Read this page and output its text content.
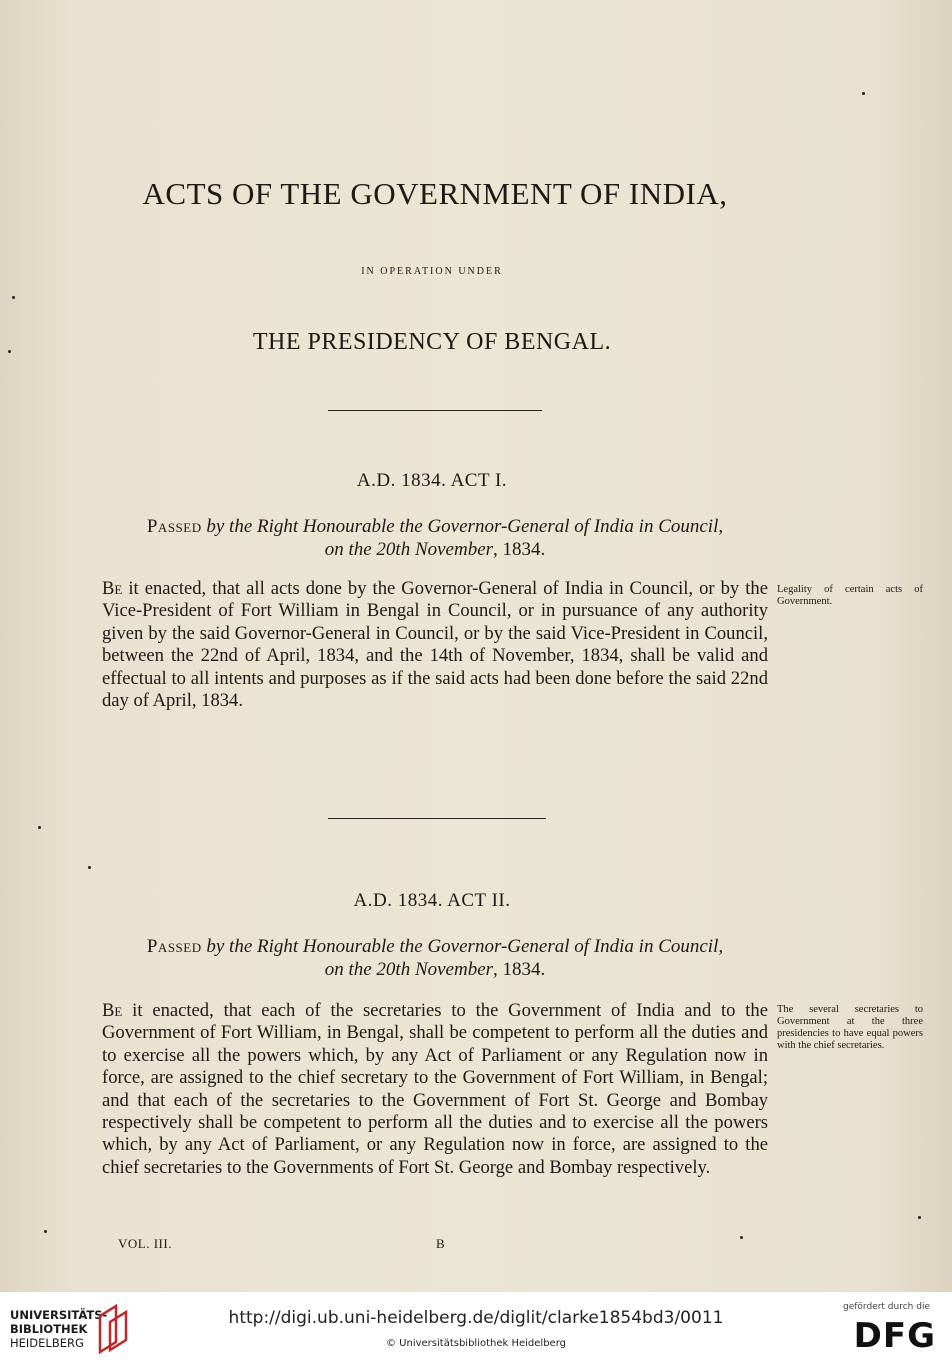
ACTS OF THE GOVERNMENT OF INDIA,
IN OPERATION UNDER
THE PRESIDENCY OF BENGAL.
A.D. 1834. ACT I.
Passed by the Right Honourable the Governor-General of India in Council,
on the 20th November, 1834.
Be it enacted, that all acts done by the Governor-General of India in Council, or by the Vice-President of Fort William in Bengal in Council, or in pursuance of any authority given by the said Governor-General in Council, or by the said Vice-President in Council, between the 22nd of April, 1834, and the 14th of November, 1834, shall be valid and effectual to all intents and purposes as if the said acts had been done before the said 22nd day of April, 1834.
Legality of certain acts of Government.
A.D. 1834. ACT II.
Passed by the Right Honourable the Governor-General of India in Council,
on the 20th November, 1834.
Be it enacted, that each of the secretaries to the Government of India and to the Government of Fort William, in Bengal, shall be competent to perform all the duties and to exercise all the powers which, by any Act of Parliament or any Regulation now in force, are assigned to the chief secretary to the Government of Fort William, in Bengal; and that each of the secretaries to the Government of Fort St. George and Bombay respectively shall be competent to perform all the duties and to exercise all the powers which, by any Act of Parliament, or any Regulation now in force, are assigned to the chief secretaries to the Governments of Fort St. George and Bombay respectively.
The several secretaries to Government at the three presidencies to have equal powers with the chief secretaries.
VOL. III.	B
UNIVERSITÄTS-
BIBLIOTHEK
HEIDELBERG
http://digi.ub.uni-heidelberg.de/diglit/clarke1854bd3/0011
© Universitätsbibliothek Heidelberg
gefördert durch die
DFG
